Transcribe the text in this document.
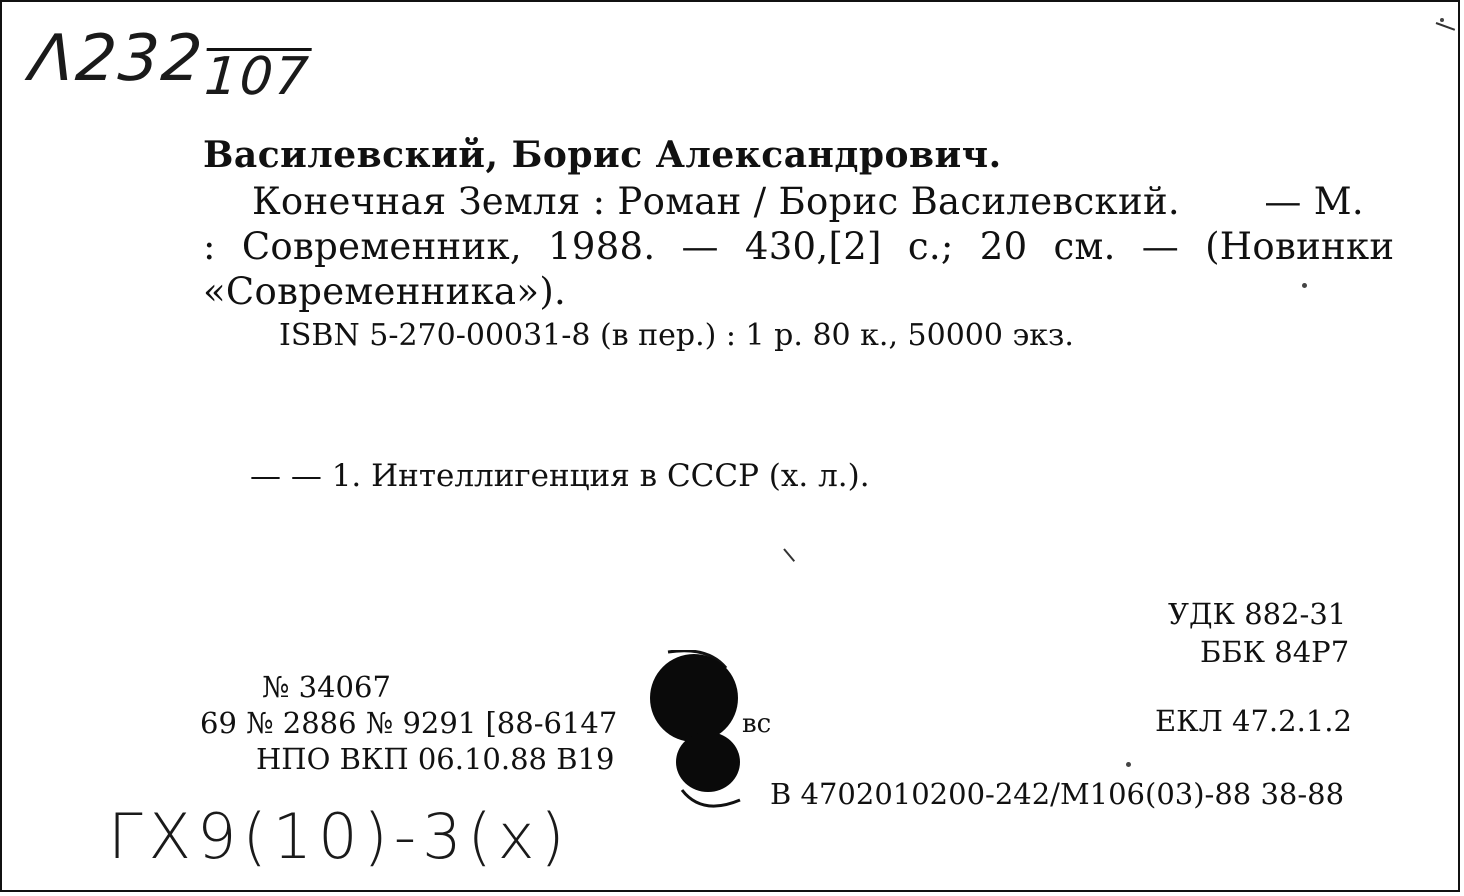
Λ232107
Василевский, Борис Александрович.
Конечная Земля : Роман / Борис Василевский. — М.
: Современник, 1988. — 430,[2] с.; 20 см. — (Новинки
«Современника»).
ISBN 5-270-00031-8 (в пер.) : 1 р. 80 к., 50000 экз.
— — 1. Интеллигенция в СССР (х. л.).
УДК 882-31
ББК 84Р7
ЕКЛ 47.2.1.2
№ 34067
69 № 2886 № 9291 [88-6147	вс
НПО ВКП 06.10.88 В19
В 4702010200-242/М106(03)-88 38-88
ГХ9(10)-3(х)
